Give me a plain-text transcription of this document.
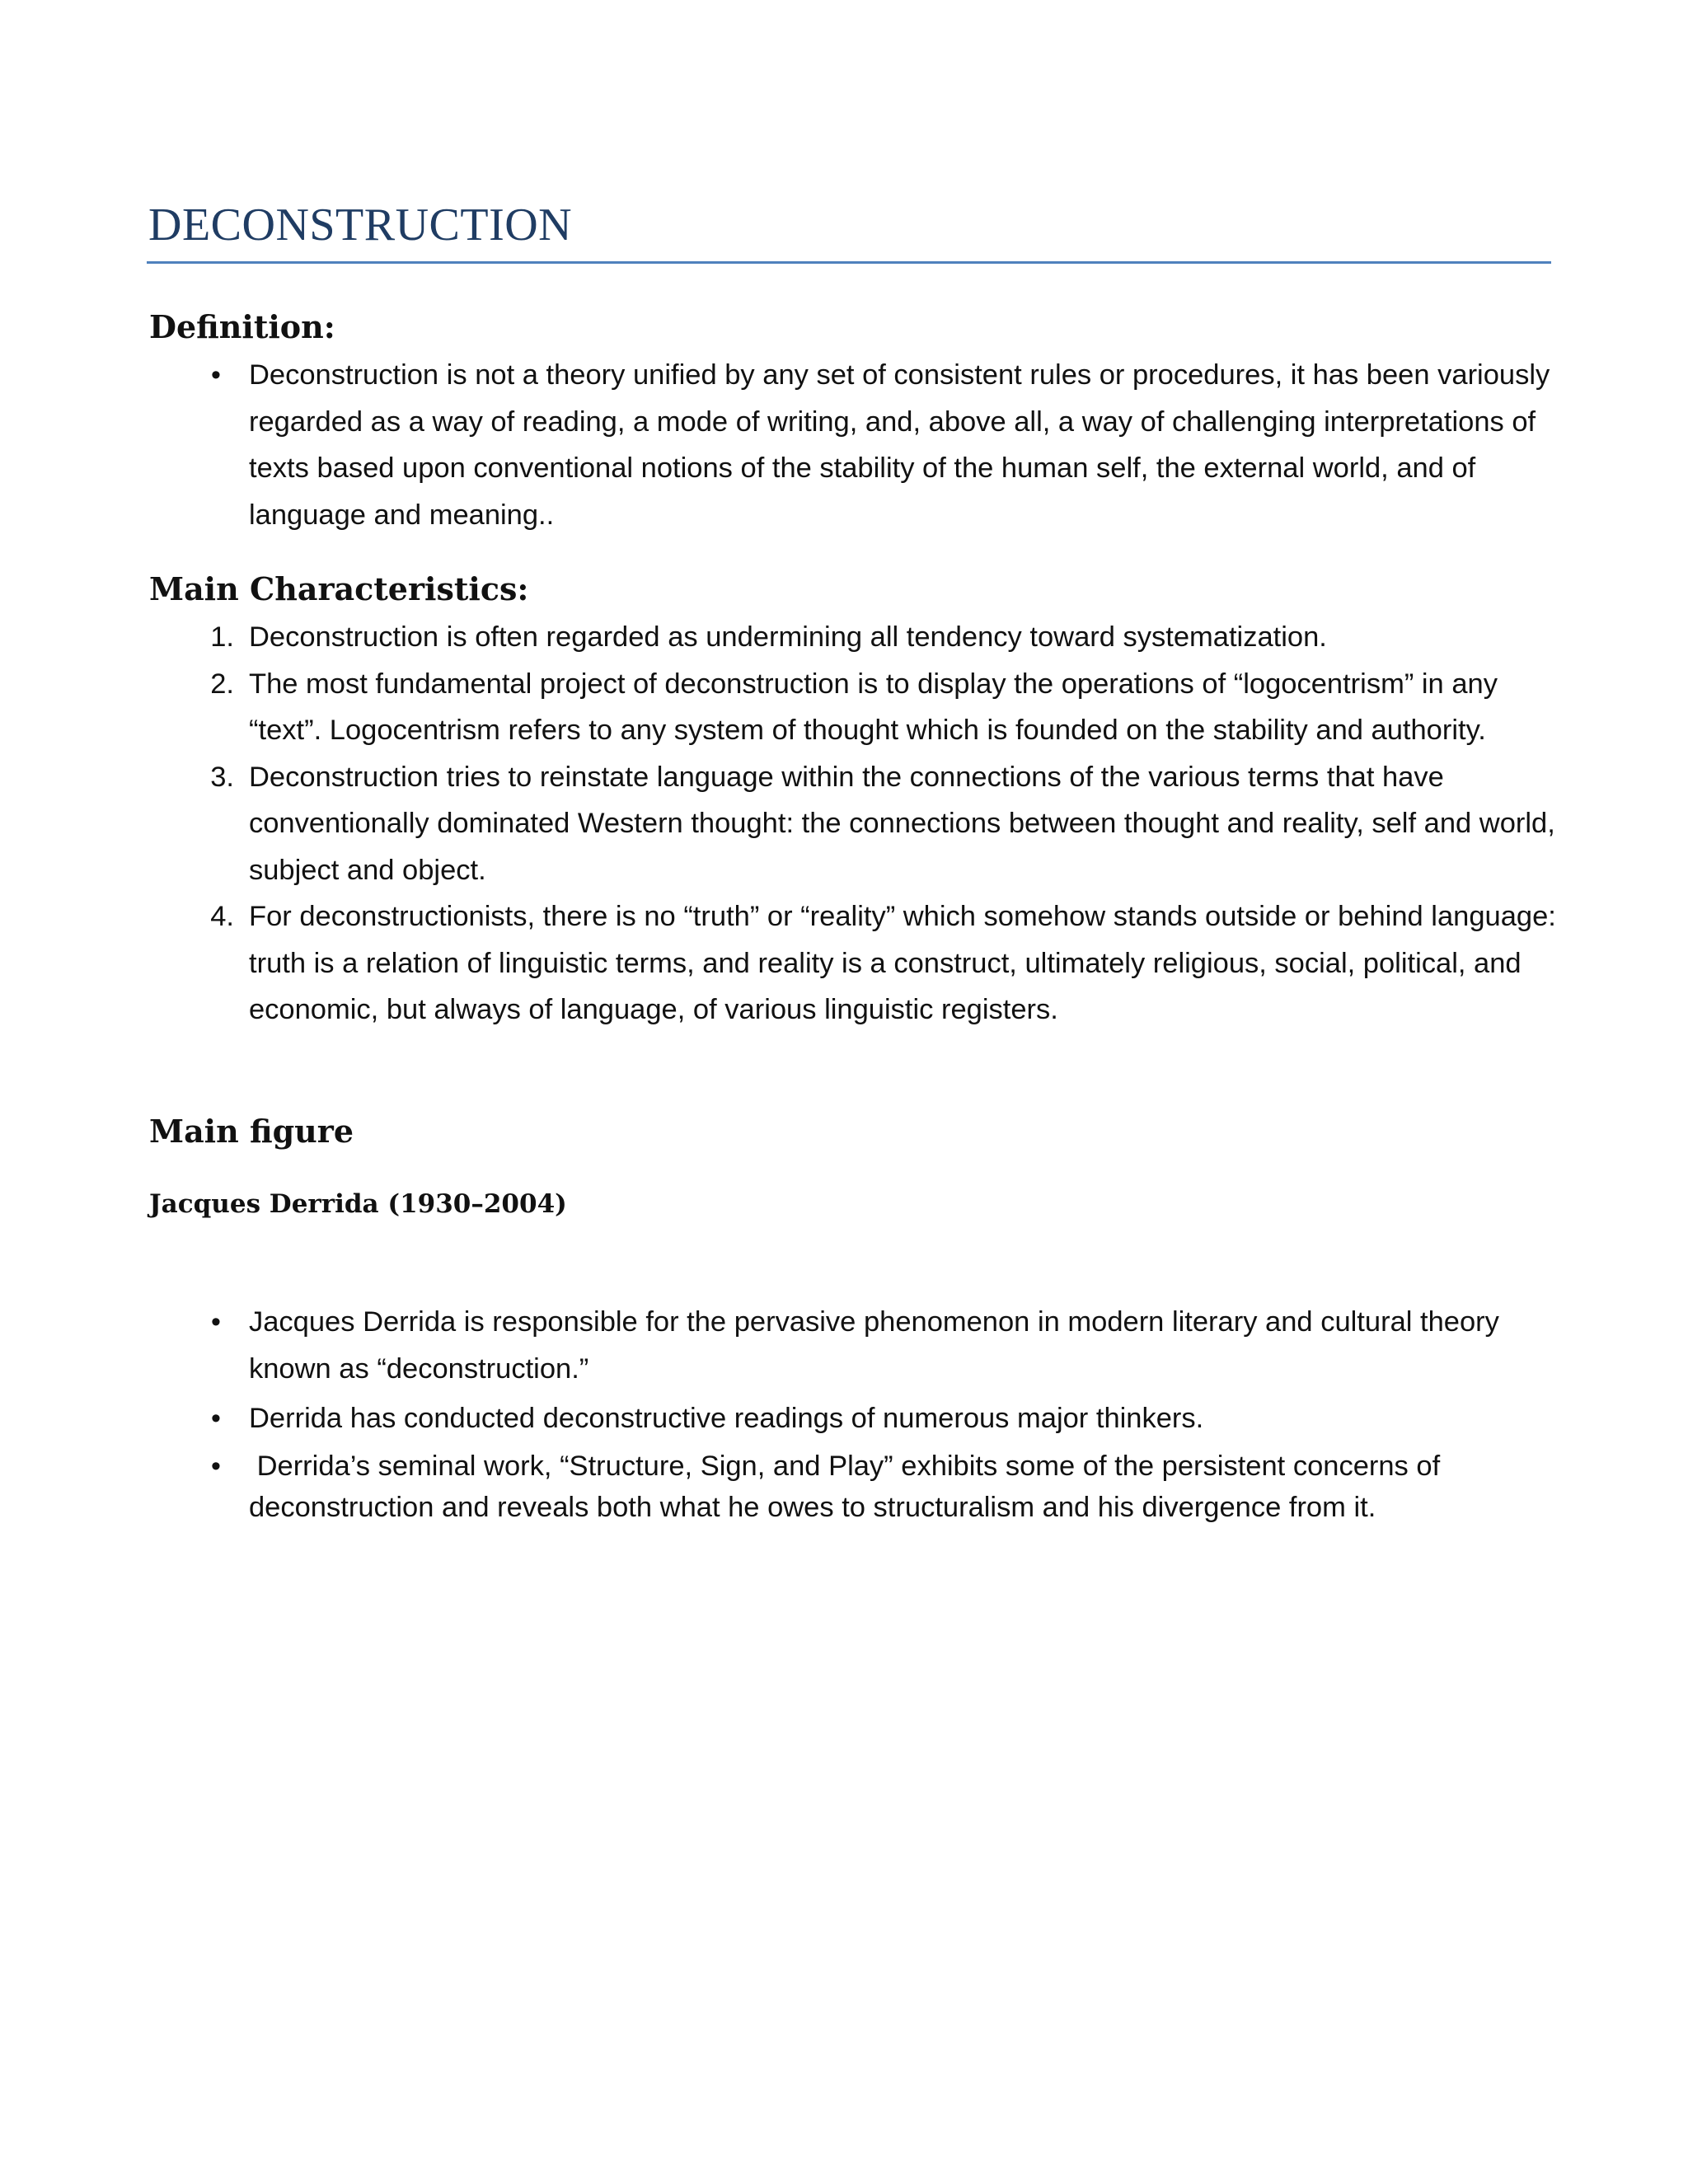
DECONSTRUCTION
Definition:
• Deconstruction is not a theory unified by any set of consistent rules or procedures, it has been variously regarded as a way of reading, a mode of writing, and, above all, a way of challenging interpretations of texts based upon conventional notions of the stability of the human self, the external world, and of language and meaning..
Main Characteristics:
1. Deconstruction is often regarded as undermining all tendency toward systematization.
2. The most fundamental project of deconstruction is to display the operations of “logocentrism” in any “text”. Logocentrism refers to any system of thought which is founded on the stability and authority.
3. Deconstruction tries to reinstate language within the connections of the various terms that have conventionally dominated Western thought: the connections between thought and reality, self and world, subject and object.
4. For deconstructionists, there is no “truth” or “reality” which somehow stands outside or behind language: truth is a relation of linguistic terms, and reality is a construct, ultimately religious, social, political, and economic, but always of language, of various linguistic registers.
Main figure
Jacques Derrida (1930–2004)
• Jacques Derrida is responsible for the pervasive phenomenon in modern literary and cultural theory known as “deconstruction.”
• Derrida has conducted deconstructive readings of numerous major thinkers.
• Derrida’s seminal work, “Structure, Sign, and Play” exhibits some of the persistent concerns of deconstruction and reveals both what he owes to structuralism and his divergence from it.
